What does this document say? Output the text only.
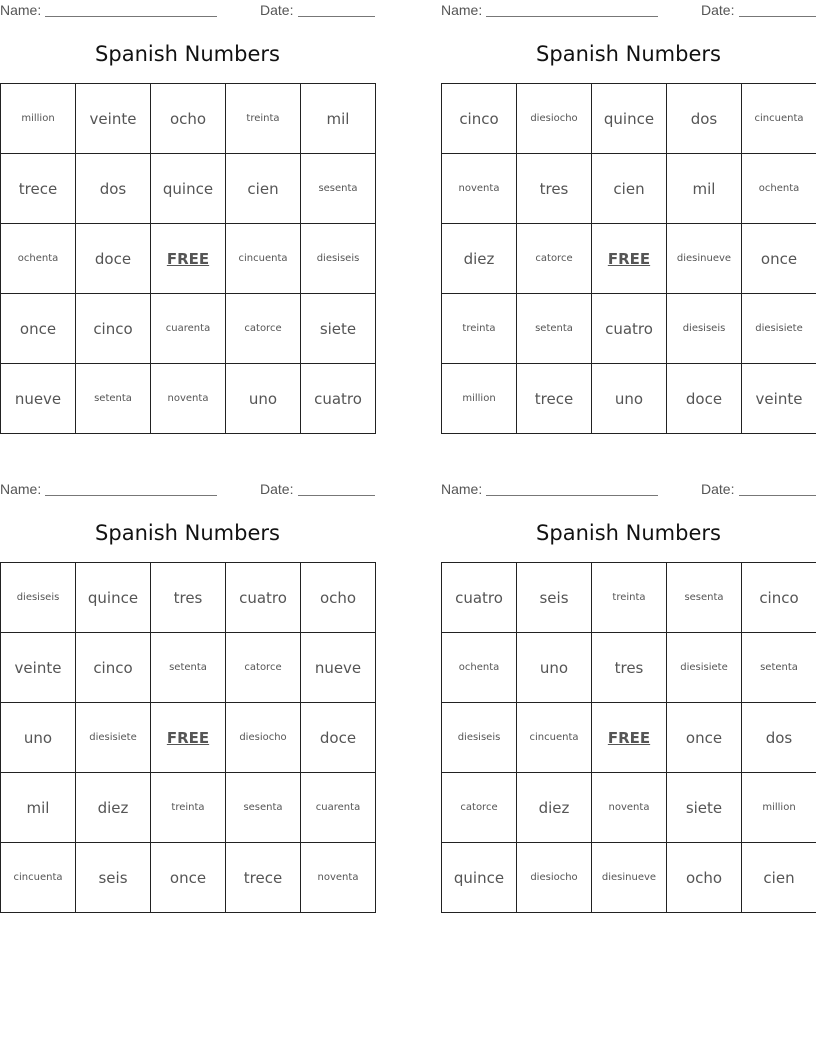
Name:	Date:
Spanish Numbers
million	veinte	ocho	treinta	mil
trece	dos	quince	cien	sesenta
ochenta	doce	FREE	cincuenta	diesiseis
once	cinco	cuarenta	catorce	siete
nueve	setenta	noventa	uno	cuatro
Name:	Date:
Spanish Numbers
cinco	diesiocho	quince	dos	cincuenta
noventa	tres	cien	mil	ochenta
diez	catorce	FREE	diesinueve	once
treinta	setenta	cuatro	diesiseis	diesisiete
million	trece	uno	doce	veinte
Name:	Date:
Spanish Numbers
diesiseis	quince	tres	cuatro	ocho
veinte	cinco	setenta	catorce	nueve
uno	diesisiete	FREE	diesiocho	doce
mil	diez	treinta	sesenta	cuarenta
cincuenta	seis	once	trece	noventa
Name:	Date:
Spanish Numbers
cuatro	seis	treinta	sesenta	cinco
ochenta	uno	tres	diesisiete	setenta
diesiseis	cincuenta	FREE	once	dos
catorce	diez	noventa	siete	million
quince	diesiocho	diesinueve	ocho	cien
